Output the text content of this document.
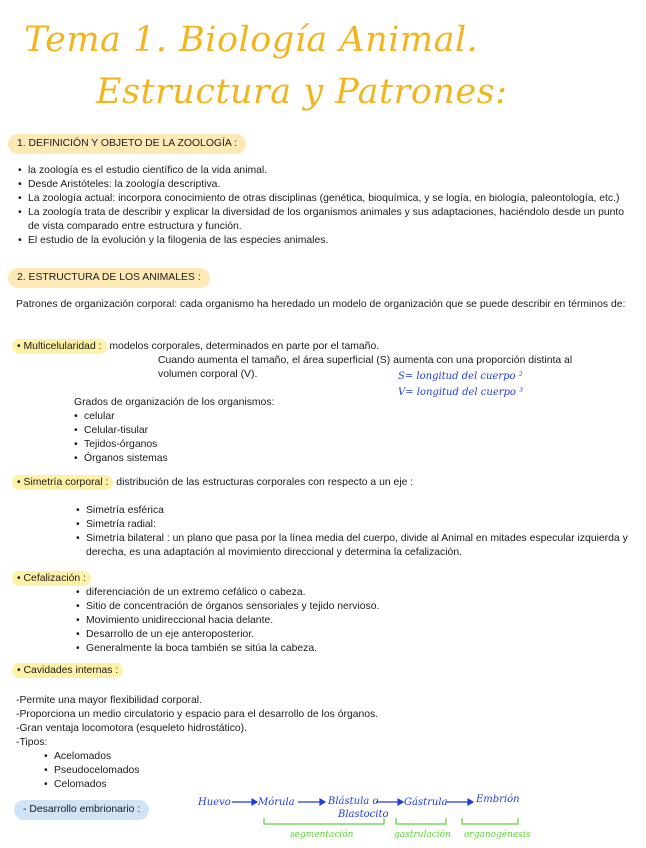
Tema 1. Biología Animal.
Estructura y Patrones:
1. DEFINICIÓN Y OBJETO DE LA ZOOLOGÍA :
• la zoología es el estudio científico de la vida animal.
• Desde Aristóteles: la zoología descriptiva.
• La zoología actual: incorpora conocimiento de otras disciplinas (genética, bioquímica, y se logía, en biología, paleontología, etc.)
• La zoología trata de describir y explicar la diversidad de los organismos animales y sus adaptaciones, haciéndolo desde un punto de vista comparado entre estructura y función.
• El estudio de la evolución y la filogenia de las especies animales.
2. ESTRUCTURA DE LOS ANIMALES :
Patrones de organización corporal: cada organismo ha heredado un modelo de organización que se puede describir en términos de:
• Multicelularidad : modelos corporales, determinados en parte por el tamaño.
Cuando aumenta el tamaño, el área superficial (S) aumenta con una proporción distinta al
volumen corporal (V).	S= longitud del cuerpo ²
V= longitud del cuerpo ³
Grados de organización de los organismos:
• celular
• Celular-tisular
• Tejidos-órganos
• Órganos sistemas
• Simetría corporal : distribución de las estructuras corporales con respecto a un eje :
• Simetría esférica
• Simetría radial:
• Simetría bilateral : un plano que pasa por la línea media del cuerpo, divide al Animal en mitades especular izquierda y derecha, es una adaptación al movimiento direccional y determina la cefalización.
• Cefalización :
• diferenciación de un extremo cefálico o cabeza.
• Sitio de concentración de órganos sensoriales y tejido nervioso.
• Movimiento unidireccional hacia delante.
• Desarrollo de un eje anteroposterior.
• Generalmente la boca también se sitúa la cabeza.
• Cavidades internas :
-Permite una mayor flexibilidad corporal.
-Proporciona un medio circulatorio y espacio para el desarrollo de los órganos.
-Gran ventaja locomotora (esqueleto hidrostático).
-Tipos:
• Acelomados
• Pseudocelomados
• Celomados
- Desarrollo embrionario :
Huevo	Mórula	Blástula o
Blastocito
Gástrula	Embrión
segmentación	gastrulación organogénesis
